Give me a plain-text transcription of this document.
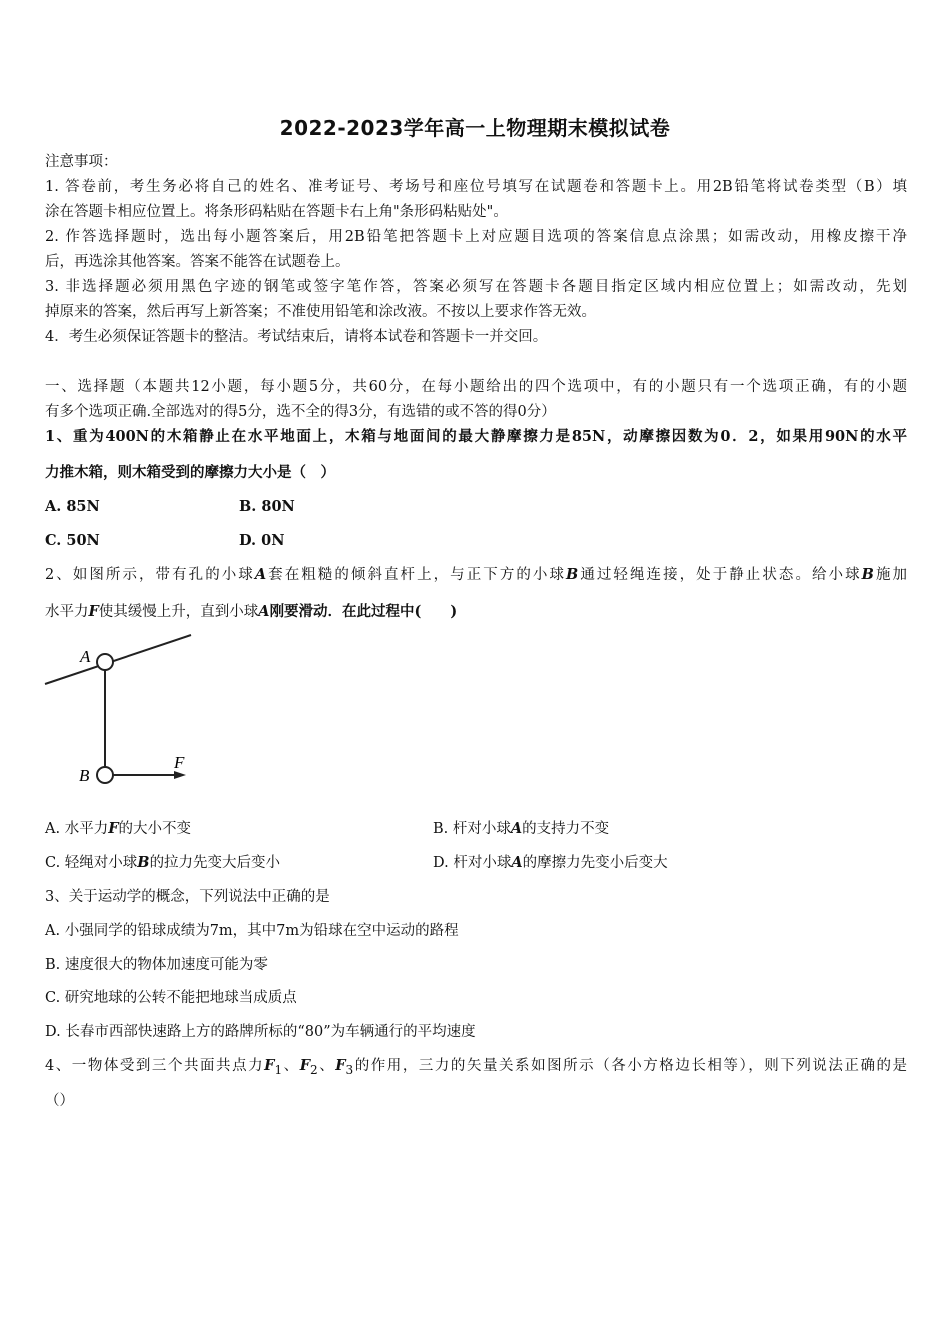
2022-2023学年高一上物理期末模拟试卷
注意事项：
1. 答卷前，考生务必将自己的姓名、准考证号、考场号和座位号填写在试题卷和答题卡上。用2B铅笔将试卷类型（B）填
涂在答题卡相应位置上。将条形码粘贴在答题卡右上角"条形码粘贴处"。
2. 作答选择题时，选出每小题答案后，用2B铅笔把答题卡上对应题目选项的答案信息点涂黑；如需改动，用橡皮擦干净
后，再选涂其他答案。答案不能答在试题卷上。
3. 非选择题必须用黑色字迹的钢笔或签字笔作答，答案必须写在答题卡各题目指定区域内相应位置上；如需改动，先划
掉原来的答案，然后再写上新答案；不准使用铅笔和涂改液。不按以上要求作答无效。
4．考生必须保证答题卡的整洁。考试结束后，请将本试卷和答题卡一并交回。
一、选择题（本题共12小题，每小题5分，共60分，在每小题给出的四个选项中，有的小题只有一个选项正确，有的小题
有多个选项正确.全部选对的得5分，选不全的得3分，有选错的或不答的得0分）
1、重为400N的木箱静止在水平地面上，木箱与地面间的最大静摩擦力是85N，动摩擦因数为0．2，如果用90N的水平
力推木箱，则木箱受到的摩擦力大小是（　）
A. 85N	B. 80N
C. 50N	D. 0N
2、如图所示，带有孔的小球A套在粗糙的倾斜直杆上，与正下方的小球B通过轻绳连接，处于静止状态。给小球B施加
水平力F使其缓慢上升，直到小球A刚要滑动．在此过程中(　　)
A
B
F
A. 水平力F的大小不变	B. 杆对小球A的支持力不变
C. 轻绳对小球B的拉力先变大后变小	D. 杆对小球A的摩擦力先变小后变大
3、关于运动学的概念，下列说法中正确的是
A. 小强同学的铅球成绩为7m，其中7m为铅球在空中运动的路程
B. 速度很大的物体加速度可能为零
C. 研究地球的公转不能把地球当成质点
D. 长春市西部快速路上方的路牌所标的“80”为车辆通行的平均速度
4、一物体受到三个共面共点力$F_1$、$F_2$、$F_3$的作用，三力的矢量关系如图所示（各小方格边长相等），则下列说法正确的是
（）
